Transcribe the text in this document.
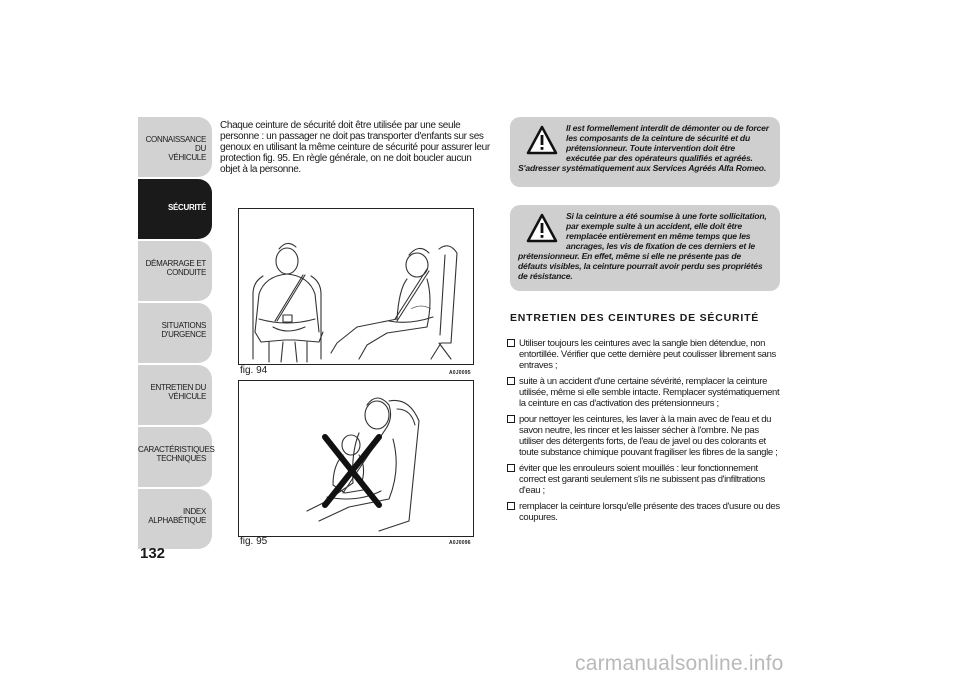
CONNAISSANCE DU
VÉHICULE
SÉCURITÉ
DÉMARRAGE ET
CONDUITE
SITUATIONS
D'URGENCE
ENTRETIEN DU
VÉHICULE
CARACTÉRISTIQUES
TECHNIQUES
INDEX
ALPHABÉTIQUE
132

Chaque ceinture de sécurité doit être utilisée par une seule personne : un passager ne doit pas transporter d'enfants sur ses genoux en utilisant la même ceinture de sécurité pour assurer leur protection fig. 95. En règle générale, on ne doit boucler aucun objet à la personne.

fig. 94	A0J0095
fig. 95	A0J0096
Il est formellement interdit de démonter ou de forcer les composants de la ceinture de sécurité et du prétensionneur. Toute intervention doit être exécutée par des opérateurs qualifiés et agréés. S'adresser systématiquement aux Services Agréés Alfa Romeo.
Si la ceinture a été soumise à une forte sollicitation, par exemple suite à un accident, elle doit être remplacée entièrement en même temps que les ancrages, les vis de fixation de ces derniers et le prétensionneur. En effet, même si elle ne présente pas de défauts visibles, la ceinture pourrait avoir perdu ses propriétés de résistance.
ENTRETIEN DES CEINTURES DE SÉCURITÉ
Utiliser toujours les ceintures avec la sangle bien détendue, non entortillée. Vérifier que cette dernière peut coulisser librement sans entraves ;
suite à un accident d'une certaine sévérité, remplacer la ceinture utilisée, même si elle semble intacte. Remplacer systématiquement la ceinture en cas d'activation des prétensionneurs ;
pour nettoyer les ceintures, les laver à la main avec de l'eau et du savon neutre, les rincer et les laisser sécher à l'ombre. Ne pas utiliser des détergents forts, de l'eau de javel ou des colorants et toute substance chimique pouvant fragiliser les fibres de la sangle ;
éviter que les enrouleurs soient mouillés : leur fonctionnement correct est garanti seulement s'ils ne subissent pas d'infiltrations d'eau ;
remplacer la ceinture lorsqu'elle présente des traces d'usure ou des coupures.
carmanualsonline.info
